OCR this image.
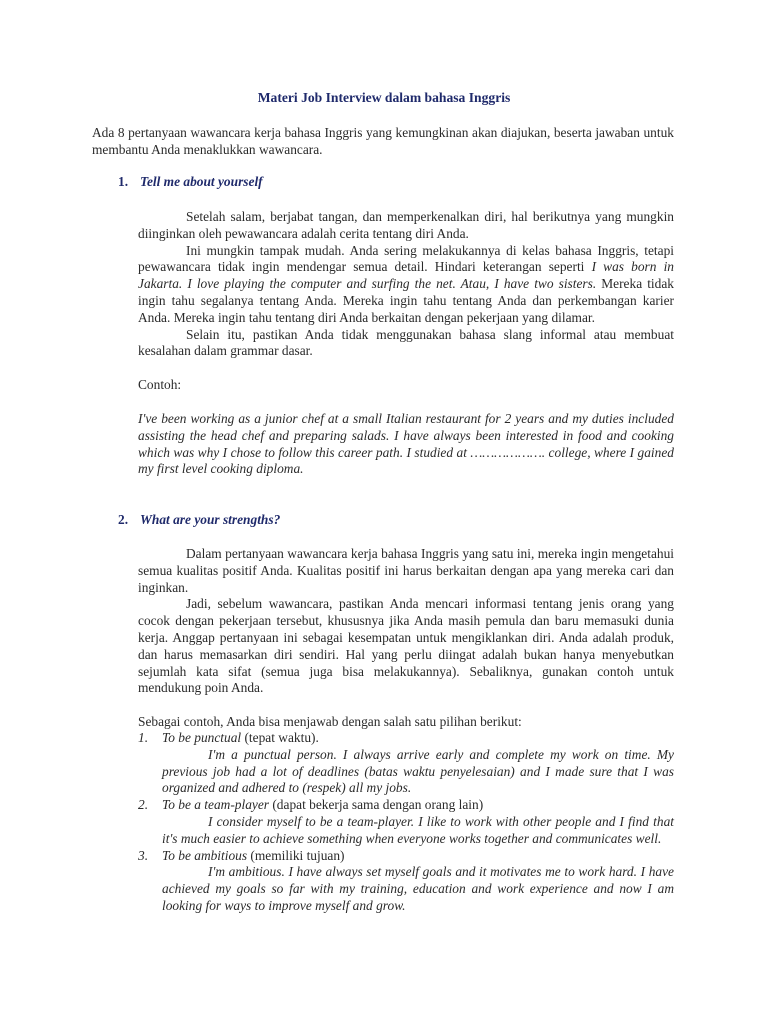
Materi Job Interview dalam bahasa Inggris
Ada 8 pertanyaan wawancara kerja bahasa Inggris yang kemungkinan akan diajukan, beserta jawaban untuk membantu Anda menaklukkan wawancara.
1. Tell me about yourself

Setelah salam, berjabat tangan, dan memperkenalkan diri, hal berikutnya yang mungkin diinginkan oleh pewawancara adalah cerita tentang diri Anda.

Ini mungkin tampak mudah. Anda sering melakukannya di kelas bahasa Inggris, tetapi pewawancara tidak ingin mendengar semua detail. Hindari keterangan seperti I was born in Jakarta. I love playing the computer and surfing the net. Atau, I have two sisters. Mereka tidak ingin tahu segalanya tentang Anda. Mereka ingin tahu tentang Anda dan perkembangan karier Anda. Mereka ingin tahu tentang diri Anda berkaitan dengan pekerjaan yang dilamar.

Selain itu, pastikan Anda tidak menggunakan bahasa slang informal atau membuat kesalahan dalam grammar dasar.

Contoh:

I've been working as a junior chef at a small Italian restaurant for 2 years and my duties included assisting the head chef and preparing salads. I have always been interested in food and cooking which was why I chose to follow this career path. I studied at ………………. college, where I gained my first level cooking diploma.

2. What are your strengths?

Dalam pertanyaan wawancara kerja bahasa Inggris yang satu ini, mereka ingin mengetahui semua kualitas positif Anda. Kualitas positif ini harus berkaitan dengan apa yang mereka cari dan inginkan.

Jadi, sebelum wawancara, pastikan Anda mencari informasi tentang jenis orang yang cocok dengan pekerjaan tersebut, khususnya jika Anda masih pemula dan baru memasuki dunia kerja. Anggap pertanyaan ini sebagai kesempatan untuk mengiklankan diri. Anda adalah produk, dan harus memasarkan diri sendiri. Hal yang perlu diingat adalah bukan hanya menyebutkan sejumlah kata sifat (semua juga bisa melakukannya). Sebaliknya, gunakan contoh untuk mendukung poin Anda.

Sebagai contoh, Anda bisa menjawab dengan salah satu pilihan berikut:

1. To be punctual (tepat waktu).
I'm a punctual person. I always arrive early and complete my work on time. My previous job had a lot of deadlines (batas waktu penyelesaian) and I made sure that I was organized and adhered to (respek) all my jobs.
2. To be a team-player (dapat bekerja sama dengan orang lain)
I consider myself to be a team-player. I like to work with other people and I find that it's much easier to achieve something when everyone works together and communicates well.
3. To be ambitious (memiliki tujuan)
I'm ambitious. I have always set myself goals and it motivates me to work hard. I have achieved my goals so far with my training, education and work experience and now I am looking for ways to improve myself and grow.
